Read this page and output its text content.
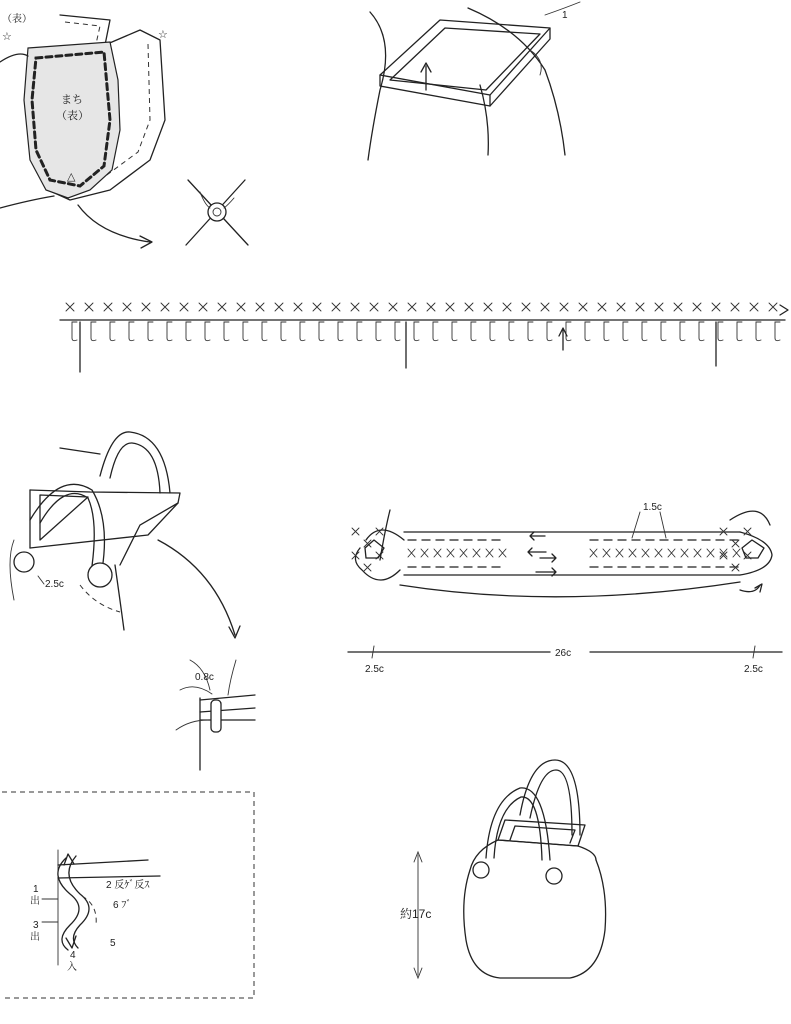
まち
（表）
（表）
☆
☆
△
1
2.5c
0.8c
1.5c
26c
2.5c	2.5c
1
出
2 反ｹﾞ反ｽ
3
出
4
入
5
6 ﾌﾞ
約17c
